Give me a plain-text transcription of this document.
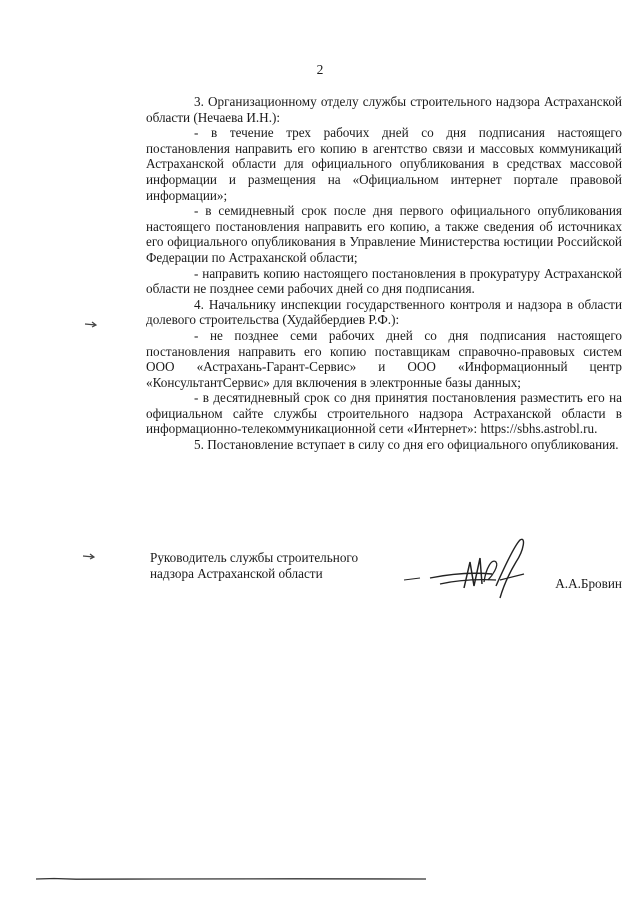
2

3. Организационному отделу службы строительного надзора Астраханской области (Нечаева И.Н.):

- в течение трех рабочих дней со дня подписания настоящего постановления направить его копию в агентство связи и массовых коммуникаций Астраханской области для официального опубликования в средствах массовой информации и размещения на «Официальном интернет портале правовой информации»;

- в семидневный срок после дня первого официального опубликования настоящего постановления направить его копию, а также сведения об источниках его официального опубликования в Управление Министерства юстиции Российской Федерации по Астраханской области;

- направить копию настоящего постановления в прокуратуру Астраханской области не позднее семи рабочих дней со дня подписания.

4. Начальнику инспекции государственного контроля и надзора в области долевого строительства (Худайбердиев Р.Ф.):

- не позднее семи рабочих дней со дня подписания настоящего постановления направить его копию поставщикам справочно-правовых систем ООО «Астрахань-Гарант-Сервис» и ООО «Информационный центр «КонсультантСервис» для включения в электронные базы данных;

- в десятидневный срок со дня принятия постановления разместить его на официальном сайте службы строительного надзора Астраханской области в информационно-телекоммуникационной сети «Интернет»: https://sbhs.astrobl.ru.

5. Постановление вступает в силу со дня его официального опубликования.

Руководитель службы строительного
надзора Астраханской области
А.А.Бровин
